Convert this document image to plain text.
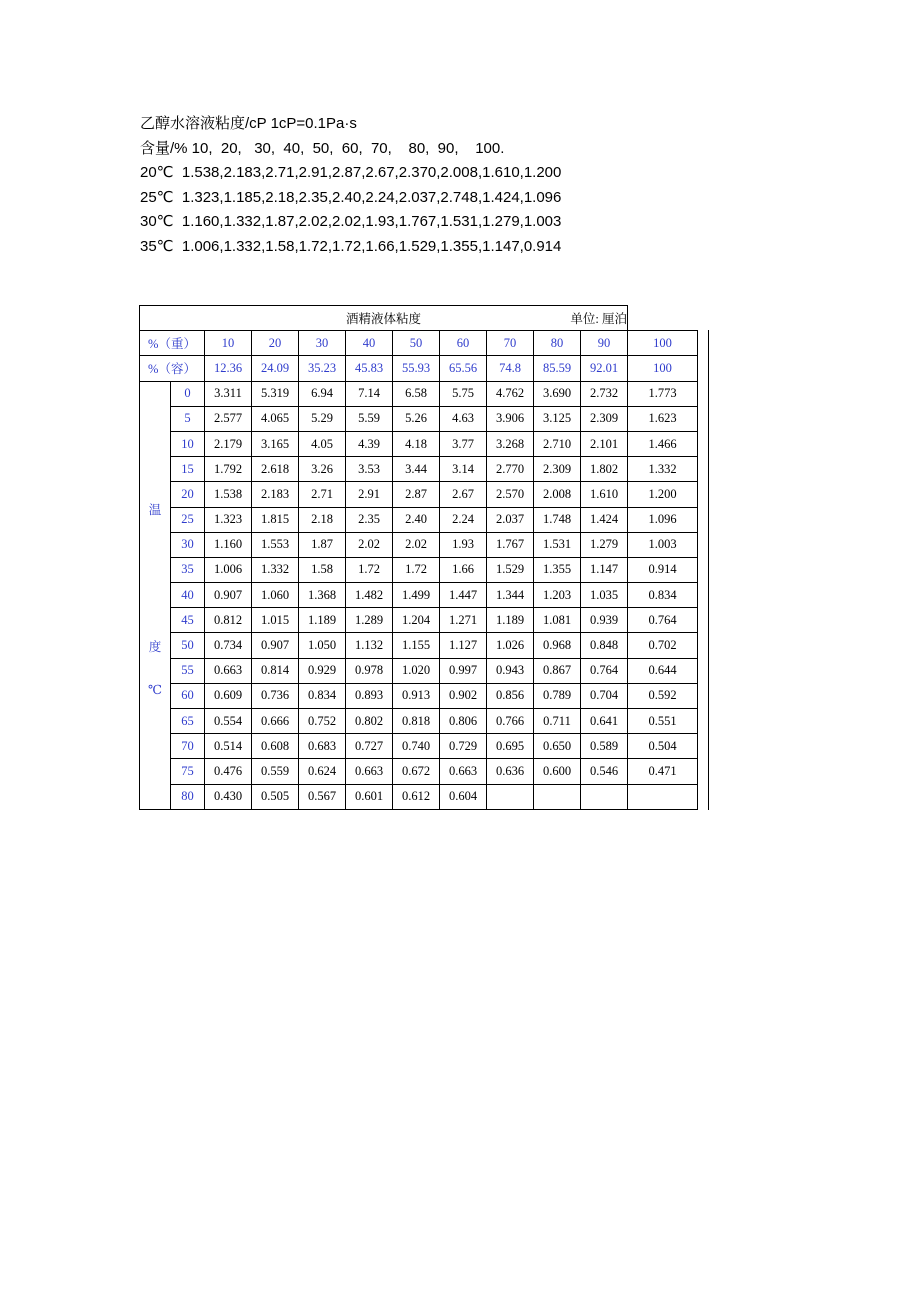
乙醇水溶液粘度/cP 1cP=0.1Pa·s
含量/% 10,  20,   30,  40,  50,  60,  70,    80,  90,    100.
20℃  1.538,2.183,2.71,2.91,2.87,2.67,2.370,2.008,1.610,1.200
25℃  1.323,1.185,2.18,2.35,2.40,2.24,2.037,2.748,1.424,1.096
30℃  1.160,1.332,1.87,2.02,2.02,1.93,1.767,1.531,1.279,1.003
35℃  1.006,1.332,1.58,1.72,1.72,1.66,1.529,1.355,1.147,0.914
酒精液体粘度 单位: 厘泊											

%（重）		10	20	30	40	50	60	70	80	90	100
%（容）		12.36	24.09	35.23	45.83	55.93	65.56	74.8	85.59	92.01	100

温
度
℃	0	3.311	5.319	6.94	7.14	6.58	5.75	4.762	3.690	2.732	1.773
	5	2.577	4.065	5.29	5.59	5.26	4.63	3.906	3.125	2.309	1.623
	10	2.179	3.165	4.05	4.39	4.18	3.77	3.268	2.710	2.101	1.466
	15	1.792	2.618	3.26	3.53	3.44	3.14	2.770	2.309	1.802	1.332
	20	1.538	2.183	2.71	2.91	2.87	2.67	2.570	2.008	1.610	1.200
	25	1.323	1.815	2.18	2.35	2.40	2.24	2.037	1.748	1.424	1.096
	30	1.160	1.553	1.87	2.02	2.02	1.93	1.767	1.531	1.279	1.003
	35	1.006	1.332	1.58	1.72	1.72	1.66	1.529	1.355	1.147	0.914
	40	0.907	1.060	1.368	1.482	1.499	1.447	1.344	1.203	1.035	0.834
	45	0.812	1.015	1.189	1.289	1.204	1.271	1.189	1.081	0.939	0.764
	50	0.734	0.907	1.050	1.132	1.155	1.127	1.026	0.968	0.848	0.702
	55	0.663	0.814	0.929	0.978	1.020	0.997	0.943	0.867	0.764	0.644
	60	0.609	0.736	0.834	0.893	0.913	0.902	0.856	0.789	0.704	0.592
	65	0.554	0.666	0.752	0.802	0.818	0.806	0.766	0.711	0.641	0.551
	70	0.514	0.608	0.683	0.727	0.740	0.729	0.695	0.650	0.589	0.504
	75	0.476	0.559	0.624	0.663	0.672	0.663	0.636	0.600	0.546	0.471
	80	0.430	0.505	0.567	0.601	0.612	0.604				
